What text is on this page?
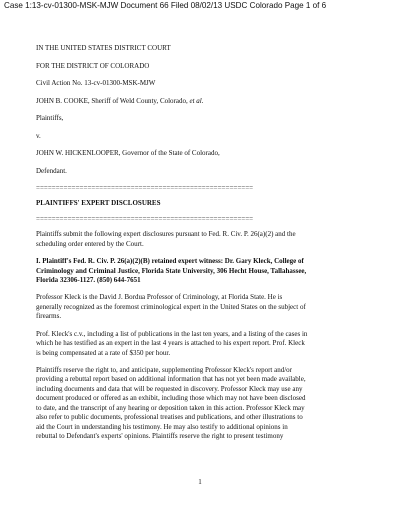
Case 1:13-cv-01300-MSK-MJW Document 66 Filed 08/02/13 USDC Colorado Page 1 of 6
IN THE UNITED STATES DISTRICT COURT
FOR THE DISTRICT OF COLORADO
Civil Action No. 13-cv-01300-MSK-MJW
JOHN B. COOKE, Sheriff of Weld County, Colorado, et al.
Plaintiffs,
v.
JOHN W. HICKENLOOPER, Governor of the State of Colorado,
Defendant.
=======================================================
PLAINTIFFS' EXPERT DISCLOSURES
=======================================================
Plaintiffs submit the following expert disclosures pursuant to Fed. R. Civ. P. 26(a)(2) and the
scheduling order entered by the Court.
I. Plaintiff's Fed. R. Civ. P. 26(a)(2)(B) retained expert witness: Dr. Gary Kleck, College of
Criminology and Criminal Justice, Florida State University, 306 Hecht House, Tallahassee,
Florida 32306-1127. (850) 644-7651
Professor Kleck is the David J. Bordua Professor of Criminology, at Florida State. He is
generally recognized as the foremost criminological expert in the United States on the subject of
firearms.
Prof. Kleck's c.v., including a list of publications in the last ten years, and a listing of the cases in
which he has testified as an expert in the last 4 years is attached to his expert report. Prof. Kleck
is being compensated at a rate of $350 per hour.
Plaintiffs reserve the right to, and anticipate, supplementing Professor Kleck's report and/or
providing a rebuttal report based on additional information that has not yet been made available,
including documents and data that will be requested in discovery. Professor Kleck may use any
document produced or offered as an exhibit, including those which may not have been disclosed
to date, and the transcript of any hearing or deposition taken in this action. Professor Kleck may
also refer to public documents, professional treatises and publications, and other illustrations to
aid the Court in understanding his testimony. He may also testify to additional opinions in
rebuttal to Defendant's experts' opinions. Plaintiffs reserve the right to present testimony
1
